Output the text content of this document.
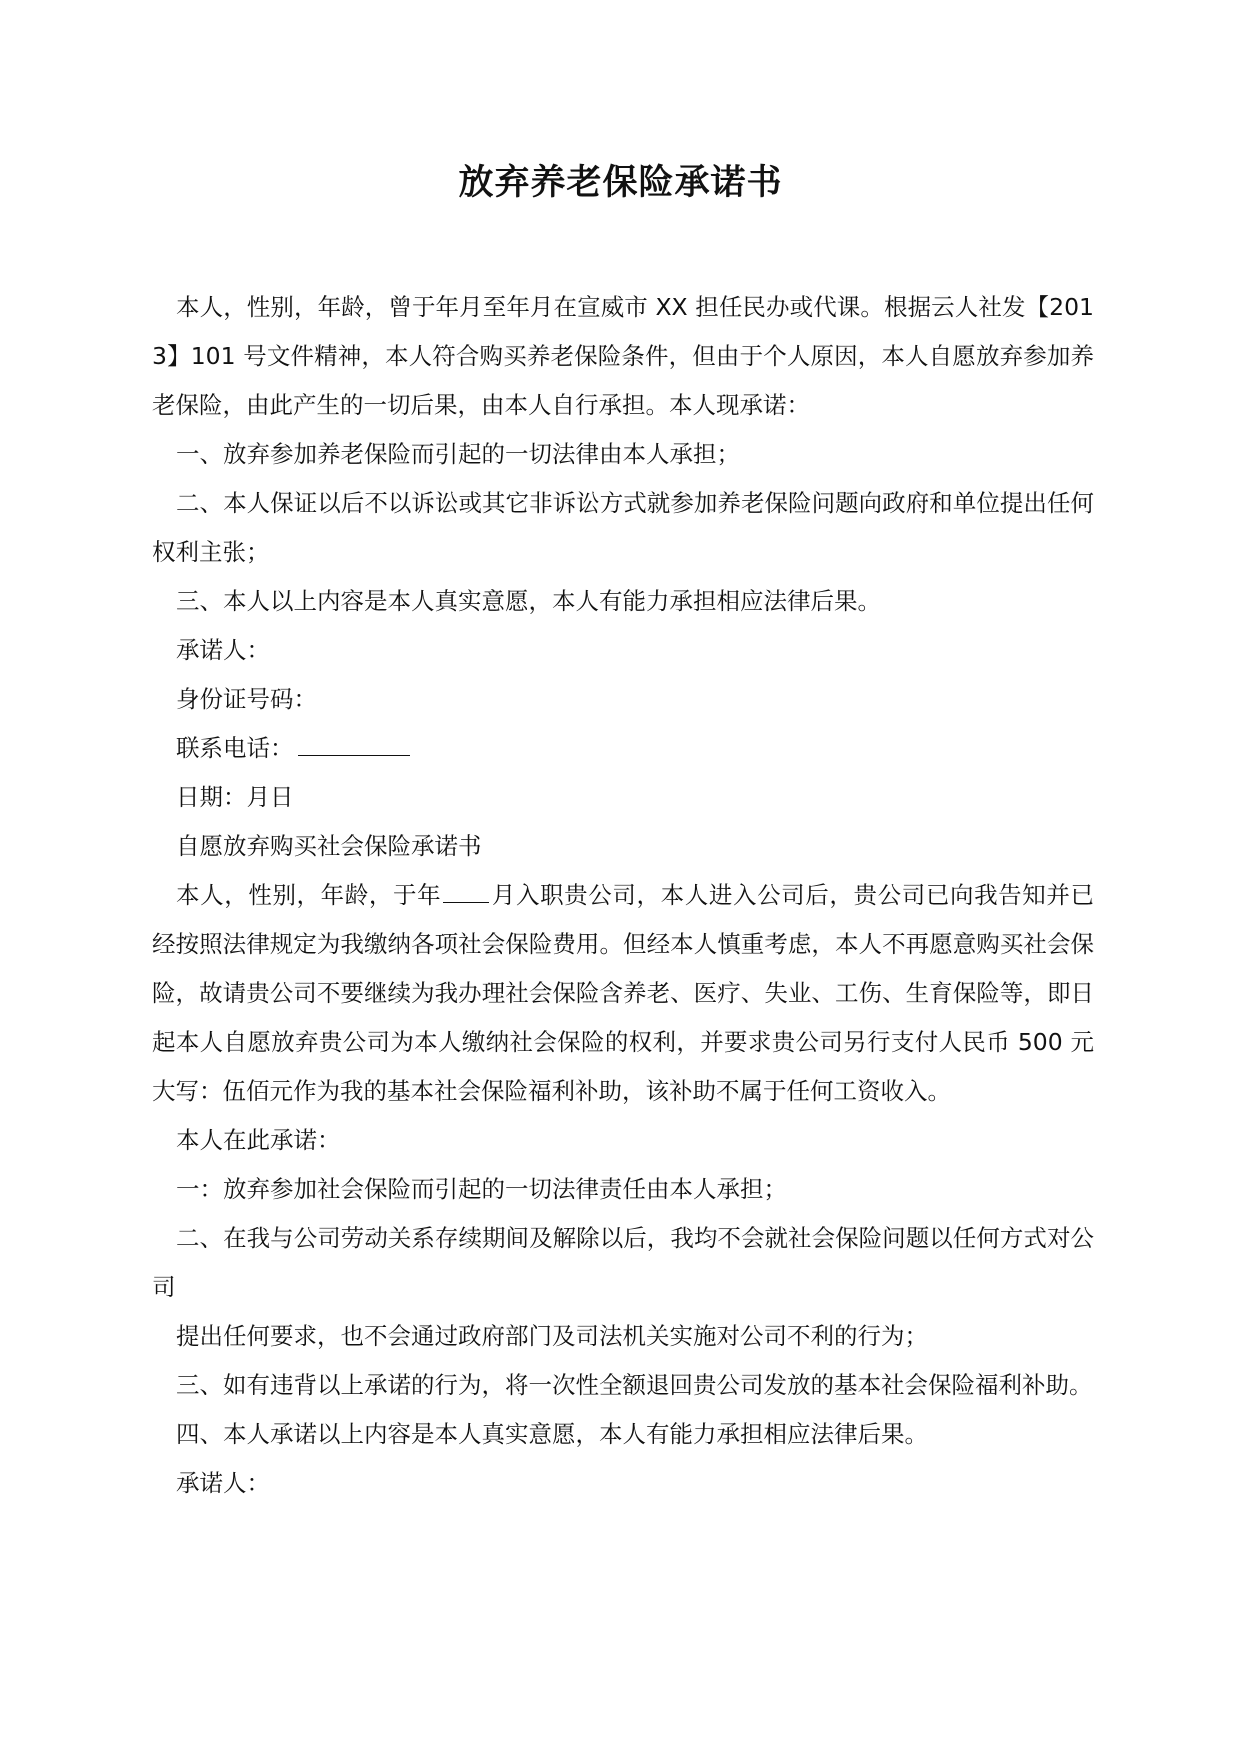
放弃养老保险承诺书

本人，性别，年龄，曾于年月至年月在宣威市 XX 担任民办或代课。根据云人社发【2013】101 号文件精神，本人符合购买养老保险条件，但由于个人原因，本人自愿放弃参加养老保险，由此产生的一切后果，由本人自行承担。本人现承诺：

一、放弃参加养老保险而引起的一切法律由本人承担；

二、本人保证以后不以诉讼或其它非诉讼方式就参加养老保险问题向政府和单位提出任何权利主张；

三、本人以上内容是本人真实意愿，本人有能力承担相应法律后果。

承诺人：

身份证号码：

联系电话：

日期：月日

自愿放弃购买社会保险承诺书

本人，性别，年龄，于年 月入职贵公司，本人进入公司后，贵公司已向我告知并已经按照法律规定为我缴纳各项社会保险费用。但经本人慎重考虑，本人不再愿意购买社会保险，故请贵公司不要继续为我办理社会保险含养老、医疗、失业、工伤、生育保险等，即日起本人自愿放弃贵公司为本人缴纳社会保险的权利，并要求贵公司另行支付人民币 500 元大写：伍佰元作为我的基本社会保险福利补助，该补助不属于任何工资收入。

本人在此承诺：

一：放弃参加社会保险而引起的一切法律责任由本人承担；

二、在我与公司劳动关系存续期间及解除以后，我均不会就社会保险问题以任何方式对公司

提出任何要求，也不会通过政府部门及司法机关实施对公司不利的行为；

三、如有违背以上承诺的行为，将一次性全额退回贵公司发放的基本社会保险福利补助。

四、本人承诺以上内容是本人真实意愿，本人有能力承担相应法律后果。

承诺人：
